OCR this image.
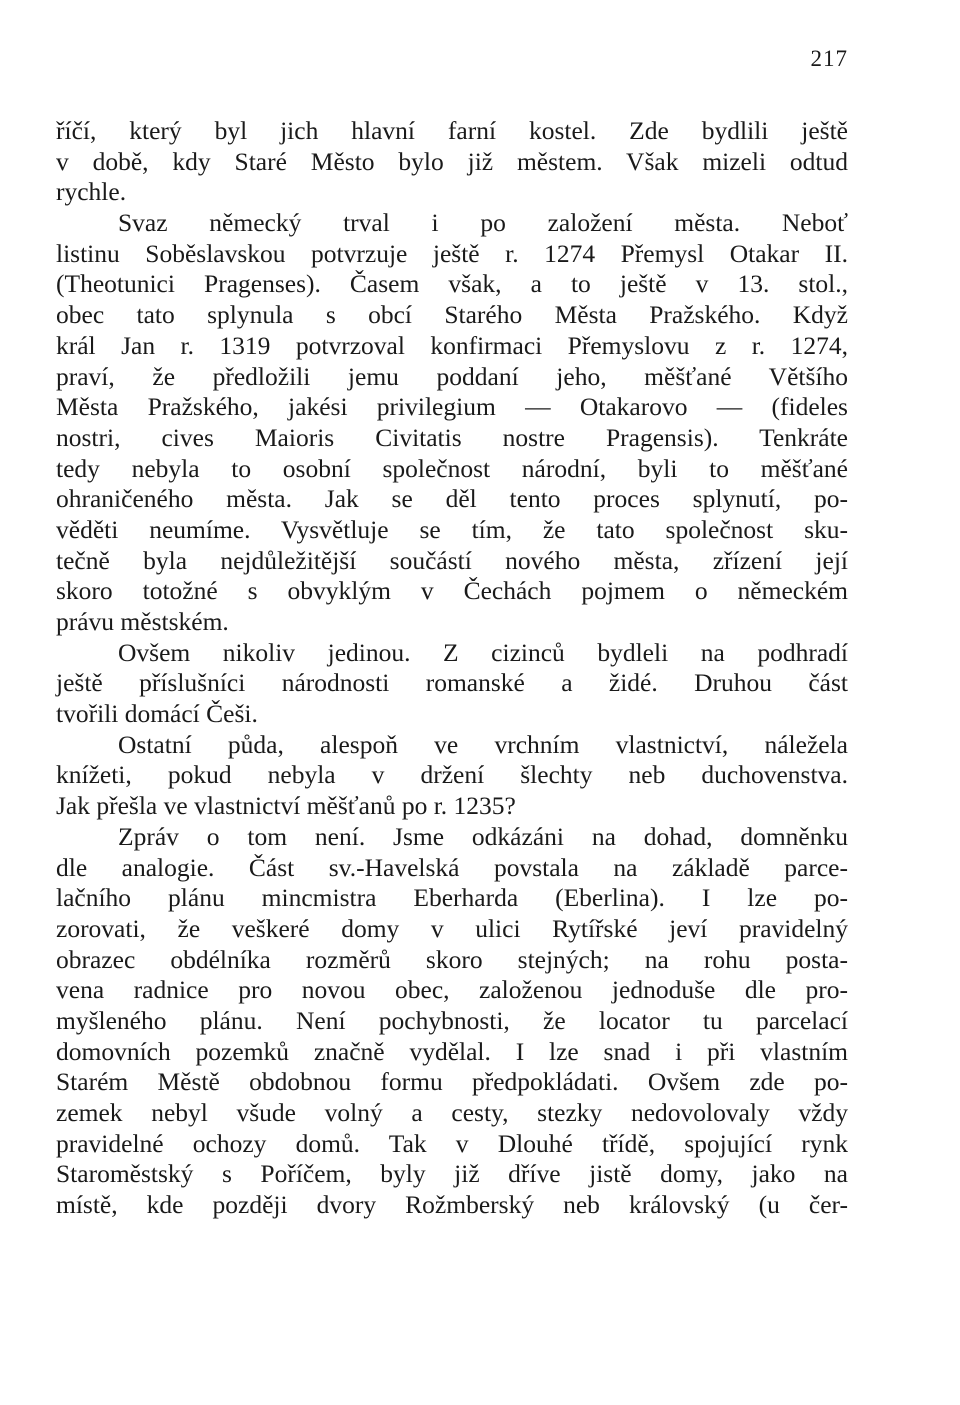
217
říčí, který byl jich hlavní farní kostel. Zde bydlili ještě
v době, kdy Staré Město bylo již městem. Však mizeli odtud
rychle.
Svaz německý trval i po založení města. Neboť
listinu Soběslavskou potvrzuje ještě r. 1274 Přemysl Otakar II.
(Theotunici Pragenses). Časem však, a to ještě v 13. stol.,
obec tato splynula s obcí Starého Města Pražského. Když
král Jan r. 1319 potvrzoval konfirmaci Přemyslovu z r. 1274,
praví, že předložili jemu poddaní jeho, měšťané Většího
Města Pražského, jakési privilegium — Otakarovo — (fideles
nostri, cives Maioris Civitatis nostre Pragensis). Tenkráte
tedy nebyla to osobní společnost národní, byli to měšťané
ohraničeného města. Jak se děl tento proces splynutí, po-
věděti neumíme. Vysvětluje se tím, že tato společnost sku-
tečně byla nejdůležitější součástí nového města, zřízení její
skoro totožné s obvyklým v Čechách pojmem o německém
právu městském.
Ovšem nikoliv jedinou. Z cizinců bydleli na podhradí
ještě příslušníci národnosti romanské a židé. Druhou část
tvořili domácí Češi.
Ostatní půda, alespoň ve vrchním vlastnictví, náležela
knížeti, pokud nebyla v držení šlechty neb duchovenstva.
Jak přešla ve vlastnictví měšťanů po r. 1235?
Zpráv o tom není. Jsme odkázáni na dohad, domněnku
dle analogie. Část sv.-Havelská povstala na základě parce-
lačního plánu mincmistra Eberharda (Eberlina). I lze po-
zorovati, že veškeré domy v ulici Rytířské jeví pravidelný
obrazec obdélníka rozměrů skoro stejných; na rohu posta-
vena radnice pro novou obec, založenou jednoduše dle pro-
myšleného plánu. Není pochybnosti, že locator tu parcelací
domovních pozemků značně vydělal. I lze snad i při vlastním
Starém Městě obdobnou formu předpokládati. Ovšem zde po-
zemek nebyl všude volný a cesty, stezky nedovolovaly vždy
pravidelné ochozy domů. Tak v Dlouhé třídě, spojující rynk
Staroměstský s Poříčem, byly již dříve jistě domy, jako na
místě, kde později dvory Rožmberský neb královský (u čer-
